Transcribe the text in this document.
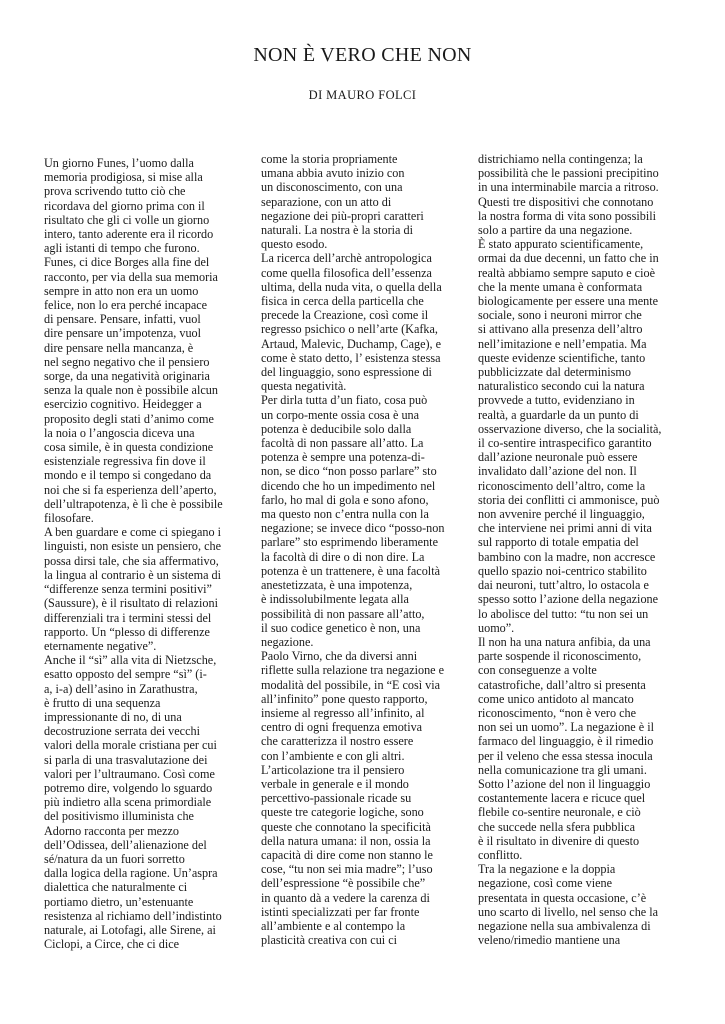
NON È VERO CHE NON
DI MAURO FOLCI
Un giorno Funes, l’uomo dalla
memoria prodigiosa, si mise alla
prova scrivendo tutto ciò che
ricordava del giorno prima con il
risultato che gli ci volle un giorno
intero, tanto aderente era il ricordo
agli istanti di tempo che furono.
Funes, ci dice Borges alla fine del
racconto, per via della sua memoria
sempre in atto non era un uomo
felice, non lo era perché incapace
di pensare. Pensare, infatti, vuol
dire pensare un’impotenza, vuol
dire pensare nella mancanza, è
nel segno negativo che il pensiero
sorge, da una negatività originaria
senza la quale non è possibile alcun
esercizio cognitivo. Heidegger a
proposito degli stati d’animo come
la noia o l’angoscia diceva una
cosa simile, è in questa condizione
esistenziale regressiva fin dove il
mondo e il tempo si congedano da
noi che si fa esperienza dell’aperto,
dell’ultrapotenza, è lì che è possibile
filosofare.
A ben guardare e come ci spiegano i
linguisti, non esiste un pensiero, che
possa dirsi tale, che sia affermativo,
la lingua al contrario è un sistema di
“differenze senza termini positivi”
(Saussure), è il risultato di relazioni
differenziali tra i termini stessi del
rapporto. Un “plesso di differenze
eternamente negative”.
Anche il “sì” alla vita di Nietzsche,
esatto opposto del sempre “sì” (i-
a, i-a) dell’asino in Zarathustra,
è frutto di una sequenza
impressionante di no, di una
decostruzione serrata dei vecchi
valori della morale cristiana per cui
si parla di una trasvalutazione dei
valori per l’ultraumano. Così come
potremo dire, volgendo lo sguardo
più indietro alla scena primordiale
del positivismo illuminista che
Adorno racconta per mezzo
dell’Odissea, dell’alienazione del
sé/natura da un fuori sorretto
dalla logica della ragione. Un’aspra
dialettica che naturalmente ci
portiamo dietro, un’estenuante
resistenza al richiamo dell’indistinto
naturale, ai Lotofagi, alle Sirene, ai
Ciclopi, a Circe, che ci dice
come la storia propriamente
umana abbia avuto inizio con
un disconoscimento, con una
separazione, con un atto di
negazione dei più-propri caratteri
naturali. La nostra è la storia di
questo esodo.
La ricerca dell’archè antropologica
come quella filosofica dell’essenza
ultima, della nuda vita, o quella della
fisica in cerca della particella che
precede la Creazione, così come il
regresso psichico o nell’arte (Kafka,
Artaud, Malevic, Duchamp, Cage), e
come è stato detto, l’ esistenza stessa
del linguaggio, sono espressione di
questa negatività.
Per dirla tutta d’un fiato, cosa può
un corpo-mente ossia cosa è una
potenza è deducibile solo dalla
facoltà di non passare all’atto. La
potenza è sempre una potenza-di-
non, se dico “non posso parlare” sto
dicendo che ho un impedimento nel
farlo, ho mal di gola e sono afono,
ma questo non c’entra nulla con la
negazione; se invece dico “posso-non
parlare” sto esprimendo liberamente
la facoltà di dire o di non dire. La
potenza è un trattenere, è una facoltà
anestetizzata, è una impotenza,
è indissolubilmente legata alla
possibilità di non passare all’atto,
il suo codice genetico è non, una
negazione.
Paolo Virno, che da diversi anni
riflette sulla relazione tra negazione e
modalità del possibile, in “E così via
all’infinito” pone questo rapporto,
insieme al regresso all’infinito, al
centro di ogni frequenza emotiva
che caratterizza il nostro essere
con l’ambiente e con gli altri.
L’articolazione tra il pensiero
verbale in generale e il mondo
percettivo-passionale ricade su
queste tre categorie logiche, sono
queste che connotano la specificità
della natura umana: il non, ossia la
capacità di dire come non stanno le
cose, “tu non sei mia madre”; l’uso
dell’espressione “è possibile che”
in quanto dà a vedere la carenza di
istinti specializzati per far fronte
all’ambiente e al contempo la
plasticità creativa con cui ci
districhiamo nella contingenza; la
possibilità che le passioni precipitino
in una interminabile marcia a ritroso.
Questi tre dispositivi che connotano
la nostra forma di vita sono possibili
solo a partire da una negazione.
È stato appurato scientificamente,
ormai da due decenni, un fatto che in
realtà abbiamo sempre saputo e cioè
che la mente umana è conformata
biologicamente per essere una mente
sociale, sono i neuroni mirror che
si attivano alla presenza dell’altro
nell’imitazione e nell’empatia. Ma
queste evidenze scientifiche, tanto
pubblicizzate dal determinismo
naturalistico secondo cui la natura
provvede a tutto, evidenziano in
realtà, a guardarle da un punto di
osservazione diverso, che la socialità,
il co-sentire intraspecifico garantito
dall’azione neuronale può essere
invalidato dall’azione del non. Il
riconoscimento dell’altro, come la
storia dei conflitti ci ammonisce, può
non avvenire perché il linguaggio,
che interviene nei primi anni di vita
sul rapporto di totale empatia del
bambino con la madre, non accresce
quello spazio noi-centrico stabilito
dai neuroni, tutt’altro, lo ostacola e
spesso sotto l’azione della negazione
lo abolisce del tutto: “tu non sei un
uomo”.
Il non ha una natura anfibia, da una
parte sospende il riconoscimento,
con conseguenze a volte
catastrofiche, dall’altro si presenta
come unico antidoto al mancato
riconoscimento, “non è vero che
non sei un uomo”. La negazione è il
farmaco del linguaggio, è il rimedio
per il veleno che essa stessa inocula
nella comunicazione tra gli umani.
Sotto l’azione del non il linguaggio
costantemente lacera e ricuce quel
flebile co-sentire neuronale, e ciò
che succede nella sfera pubblica
è il risultato in divenire di questo
conflitto.
Tra la negazione e la doppia
negazione, così come viene
presentata in questa occasione, c’è
uno scarto di livello, nel senso che la
negazione nella sua ambivalenza di
veleno/rimedio mantiene una
